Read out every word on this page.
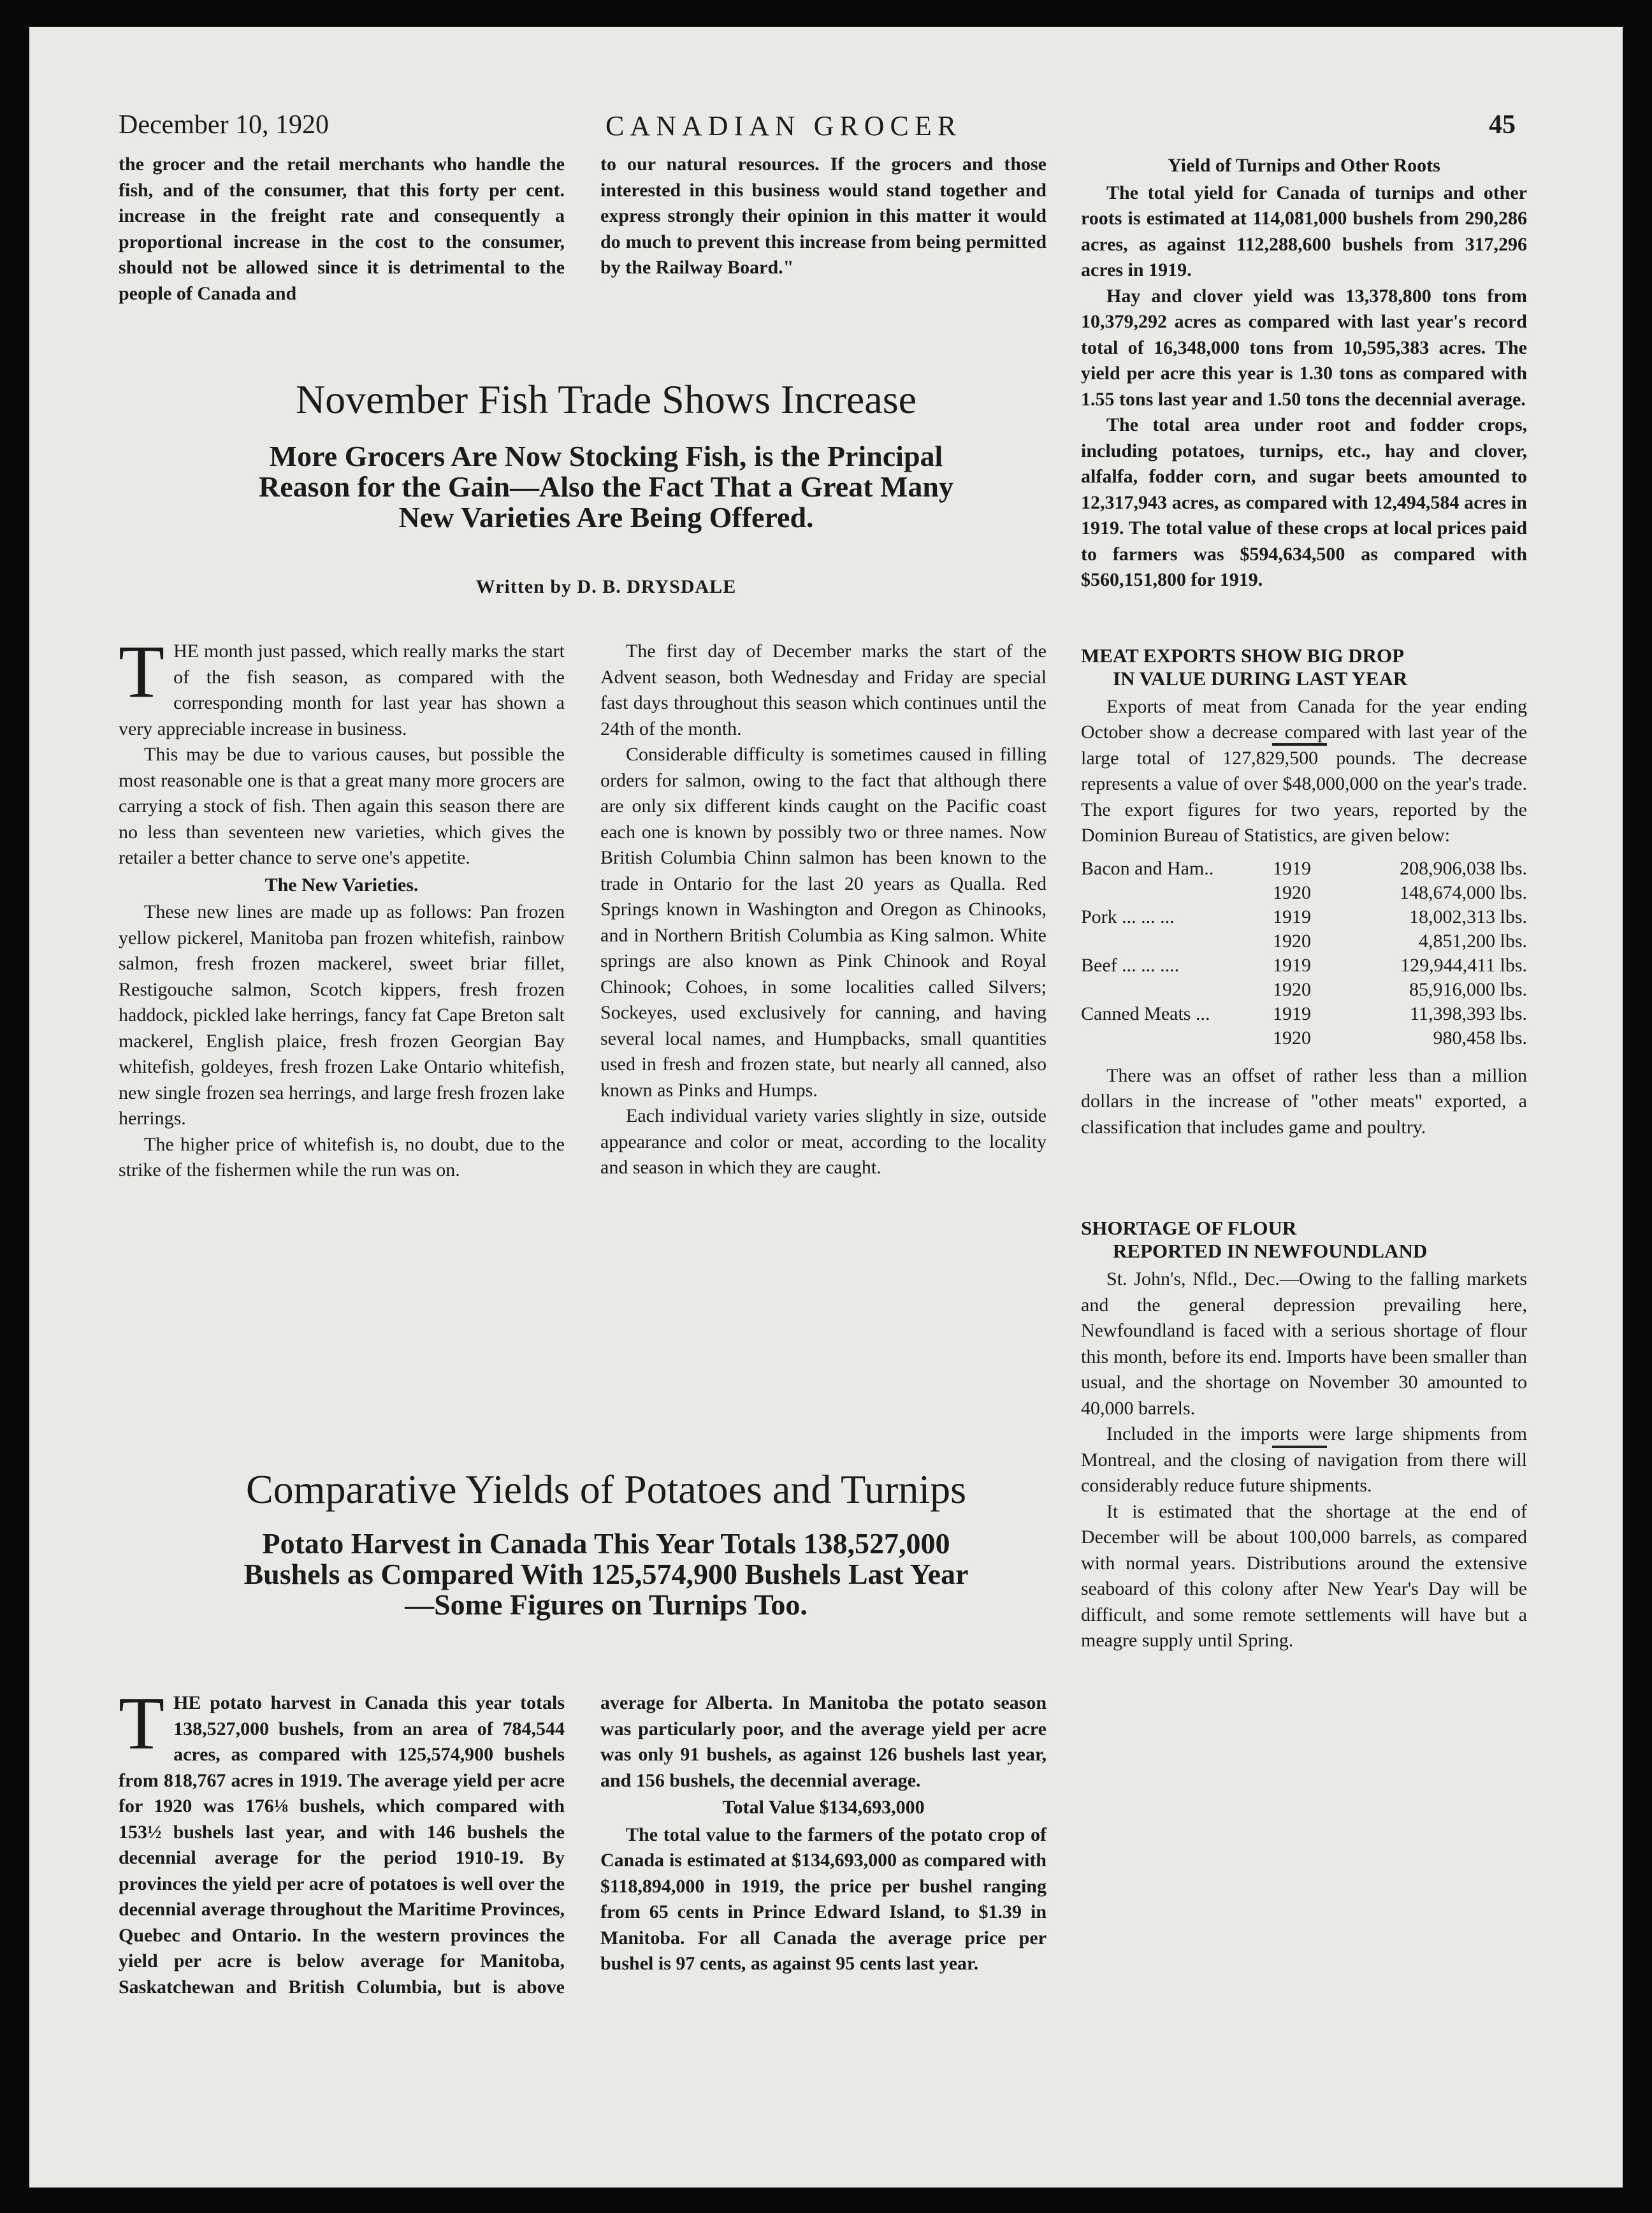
December 10, 1920	CANADIAN GROCER	45

the grocer and the retail merchants who handle the fish, and of the consumer, that this forty per cent. increase in the freight rate and consequently a proportional increase in the cost to the consumer, should not be allowed since it is detrimental to the people of Canada and

to our natural resources. If the grocers and those interested in this business would stand together and express strongly their opinion in this matter it would do much to prevent this increase from being permitted by the Railway Board."

November Fish Trade Shows Increase
More Grocers Are Now Stocking Fish, is the Principal Reason for the Gain—Also the Fact That a Great Many New Varieties Are Being Offered.
Written by D. B. DRYSDALE

THE month just passed, which really marks the start of the fish season, as compared with the corresponding month for last year has shown a very appreciable increase in business.

This may be due to various causes, but possible the most reasonable one is that a great many more grocers are carrying a stock of fish. Then again this season there are no less than seventeen new varieties, which gives the retailer a better chance to serve one's appetite.

The New Varieties.

These new lines are made up as follows: Pan frozen yellow pickerel, Manitoba pan frozen whitefish, rainbow salmon, fresh frozen mackerel, sweet briar fillet, Restigouche salmon, Scotch kippers, fresh frozen haddock, pickled lake herrings, fancy fat Cape Breton salt mackerel, English plaice, fresh frozen Georgian Bay whitefish, goldeyes, fresh frozen Lake Ontario whitefish, new single frozen sea herrings, and large fresh frozen lake herrings.

The higher price of whitefish is, no doubt, due to the strike of the fishermen while the run was on.

The first day of December marks the start of the Advent season, both Wednesday and Friday are special fast days throughout this season which continues until the 24th of the month.

Considerable difficulty is sometimes caused in filling orders for salmon, owing to the fact that although there are only six different kinds caught on the Pacific coast each one is known by possibly two or three names. Now British Columbia Chinn salmon has been known to the trade in Ontario for the last 20 years as Qualla. Red Springs known in Washington and Oregon as Chinooks, and in Northern British Columbia as King salmon. White springs are also known as Pink Chinook and Royal Chinook; Cohoes, in some localities called Silvers; Sockeyes, used exclusively for canning, and having several local names, and Humpbacks, small quantities used in fresh and frozen state, but nearly all canned, also known as Pinks and Humps.

Each individual variety varies slightly in size, outside appearance and color or meat, according to the locality and season in which they are caught.

Yield of Turnips and Other Roots

The total yield for Canada of turnips and other roots is estimated at 114,081,000 bushels from 290,286 acres, as against 112,288,600 bushels from 317,296 acres in 1919.

Hay and clover yield was 13,378,800 tons from 10,379,292 acres as compared with last year's record total of 16,348,000 tons from 10,595,383 acres. The yield per acre this year is 1.30 tons as compared with 1.55 tons last year and 1.50 tons the decennial average.

The total area under root and fodder crops, including potatoes, turnips, etc., hay and clover, alfalfa, fodder corn, and sugar beets amounted to 12,317,943 acres, as compared with 12,494,584 acres in 1919. The total value of these crops at local prices paid to farmers was $594,634,500 as compared with $560,151,800 for 1919.

MEAT EXPORTS SHOW BIG DROP
IN VALUE DURING LAST YEAR

Exports of meat from Canada for the year ending October show a decrease compared with last year of the large total of 127,829,500 pounds. The decrease represents a value of over $48,000,000 on the year's trade. The export figures for two years, reported by the Dominion Bureau of Statistics, are given below:

Bacon and Ham..	1919	208,906,038 lbs.
	1920	148,674,000 lbs.
Pork ... ... ...	1919	18,002,313 lbs.
	1920	4,851,200 lbs.
Beef ... ... ....	1919	129,944,411 lbs.
	1920	85,916,000 lbs.
Canned Meats ...	1919	11,398,393 lbs.
	1920	980,458 lbs.

There was an offset of rather less than a million dollars in the increase of "other meats" exported, a classification that includes game and poultry.

SHORTAGE OF FLOUR
REPORTED IN NEWFOUNDLAND

St. John's, Nfld., Dec.—Owing to the falling markets and the general depression prevailing here, Newfoundland is faced with a serious shortage of flour this month, before its end. Imports have been smaller than usual, and the shortage on November 30 amounted to 40,000 barrels.

Included in the imports were large shipments from Montreal, and the closing of navigation from there will considerably reduce future shipments.

It is estimated that the shortage at the end of December will be about 100,000 barrels, as compared with normal years. Distributions around the extensive seaboard of this colony after New Year's Day will be difficult, and some remote settlements will have but a meagre supply until Spring.

Comparative Yields of Potatoes and Turnips
Potato Harvest in Canada This Year Totals 138,527,000 Bushels as Compared With 125,574,900 Bushels Last Year—Some Figures on Turnips Too.

THE potato harvest in Canada this year totals 138,527,000 bushels, from an area of 784,544 acres, as compared with 125,574,900 bushels from 818,767 acres in 1919. The average yield per acre for 1920 was 176⅛ bushels, which compared with 153½ bushels last year, and with 146 bushels the decennial average for the period 1910-19. By provinces the yield per acre of potatoes is well over the decennial average throughout the Maritime Provinces, Quebec and Ontario. In the western provinces the yield per acre is below average for Manitoba, Saskatchewan and British Columbia, but is above average for Alberta. In Manitoba the potato season was particularly poor, and the average yield per acre was only 91 bushels, as against 126 bushels last year, and 156 bushels, the decennial average.

Total Value $134,693,000

The total value to the farmers of the potato crop of Canada is estimated at $134,693,000 as compared with $118,894,000 in 1919, the price per bushel ranging from 65 cents in Prince Edward Island, to $1.39 in Manitoba. For all Canada the average price per bushel is 97 cents, as against 95 cents last year.
